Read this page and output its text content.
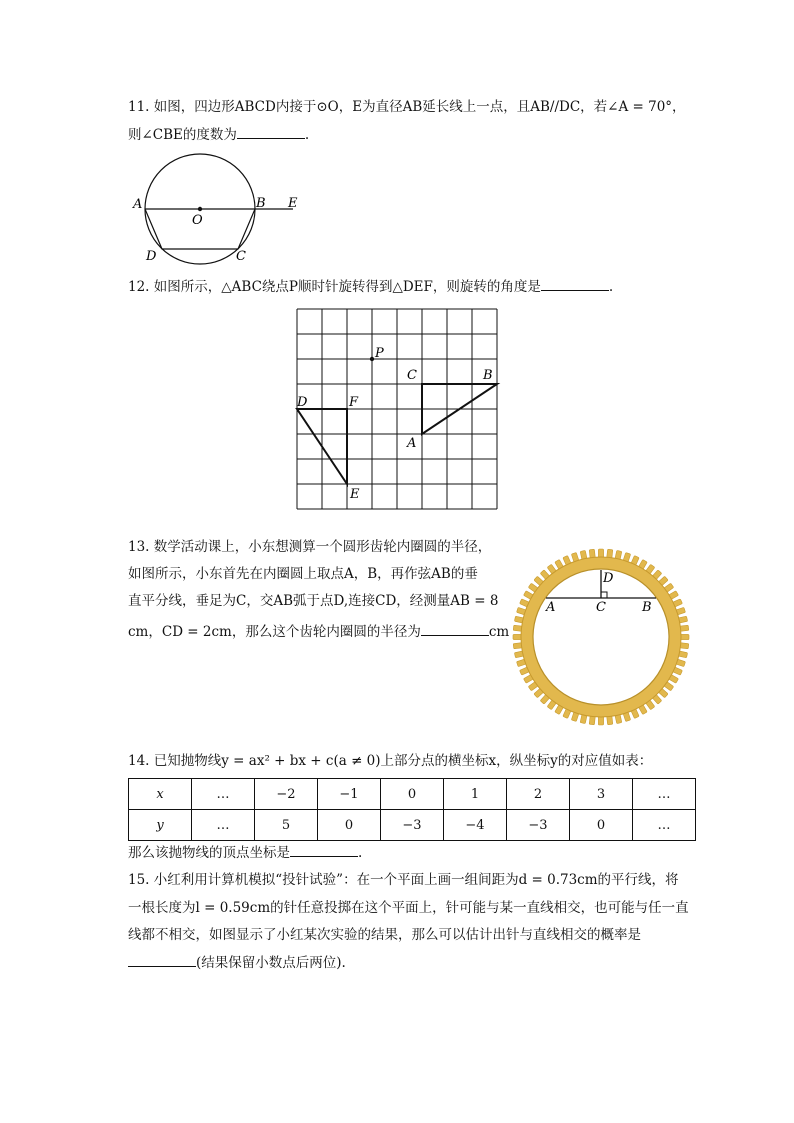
11. 如图，四边形ABCD内接于⊙O，E为直径AB延长线上一点，且AB//DC，若∠A = 70°，
则∠CBE的度数为	.
A
O
B E
D	C
12. 如图所示，△ABC绕点P顺时针旋转得到△DEF，则旋转的角度是	.
P
C	B
D	F
A
E
13. 数学活动课上，小东想测算一个圆形齿轮内圈圆的半径，
如图所示，小东首先在内圈圆上取点A，B，再作弦AB的垂
直平分线，垂足为C，交AB弧于点D,连接CD，经测量AB = 8
cm，CD = 2cm，那么这个齿轮内圈圆的半径为	cm
D
A	C	B
14. 已知抛物线y = ax² + bx + c(a ≠ 0)上部分点的横坐标x，纵坐标y的对应值如表：
x	…	−2	−1	0	1	2	3	…
y	…	5	0	−3	−4	−3	0	…
那么该抛物线的顶点坐标是	.
15. 小红利用计算机模拟“投针试验”：在一个平面上画一组间距为d = 0.73cm的平行线，将
一根长度为l = 0.59cm的针任意投掷在这个平面上，针可能与某一直线相交，也可能与任一直
线都不相交，如图显示了小红某次实验的结果，那么可以估计出针与直线相交的概率是
(结果保留小数点后两位).
